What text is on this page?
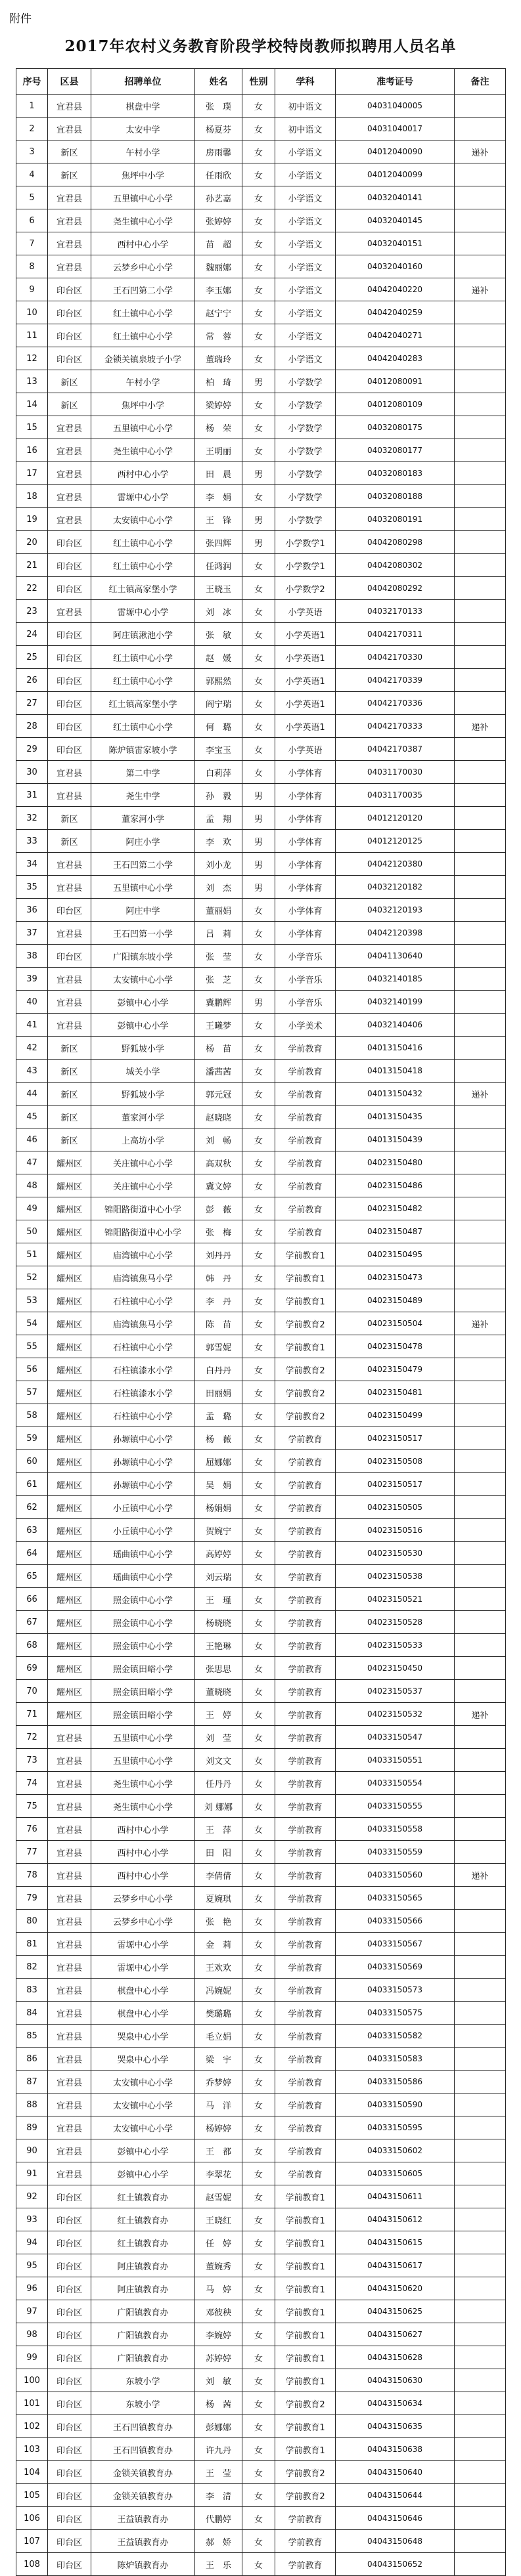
附件
2017年农村义务教育阶段学校特岗教师拟聘用人员名单
序号	区县	招聘单位	姓名	性别	学科	准考证号	备注
1	宜君县	棋盘中学	张　璞	女	初中语文	04031040005	
2	宜君县	太安中学	杨夏芬	女	初中语文	04031040017	
3	新区	午村小学	房雨馨	女	小学语文	04012040090	递补
4	新区	焦坪中小学	任雨欣	女	小学语文	04012040099	
5	宜君县	五里镇中心小学	孙艺嘉	女	小学语文	04032040141	
6	宜君县	尧生镇中心小学	张婷婷	女	小学语文	04032040145	
7	宜君县	西村中心小学	苗　超	女	小学语文	04032040151	
8	宜君县	云梦乡中心小学	魏丽娜	女	小学语文	04032040160	
9	印台区	王石凹第二小学	李玉娜	女	小学语文	04042040220	递补
10	印台区	红土镇中心小学	赵宁宁	女	小学语文	04042040259	
11	印台区	红土镇中心小学	常　蓉	女	小学语文	04042040271	
12	印台区	金锁关镇泉坡子小学	董瑞玲	女	小学语文	04042040283	
13	新区	午村小学	柏　琦	男	小学数学	04012080091	
14	新区	焦坪中小学	梁婷婷	女	小学数学	04012080109	
15	宜君县	五里镇中心小学	杨　荣	女	小学数学	04032080175	
16	宜君县	尧生镇中心小学	王明丽	女	小学数学	04032080177	
17	宜君县	西村中心小学	田　晨	男	小学数学	04032080183	
18	宜君县	雷塬中心小学	李　娟	女	小学数学	04032080188	
19	宜君县	太安镇中心小学	王　锋	男	小学数学	04032080191	
20	印台区	红土镇中心小学	张四辉	男	小学数学1	04042080298	
21	印台区	红土镇中心小学	任鸿润	女	小学数学1	04042080302	
22	印台区	红土镇高家堡小学	王晓玉	女	小学数学2	04042080292	
23	宜君县	雷塬中心小学	刘　冰	女	小学英语	04032170133	
24	印台区	阿庄镇湫池小学	张　敏	女	小学英语1	04042170311	
25	印台区	红土镇中心小学	赵　媛	女	小学英语1	04042170330	
26	印台区	红土镇中心小学	郭熙然	女	小学英语1	04042170339	
27	印台区	红土镇高家堡小学	阎宁瑞	女	小学英语1	04042170336	
28	印台区	红土镇中心小学	何　璐	女	小学英语1	04042170333	递补
29	印台区	陈炉镇雷家坡小学	李宝玉	女	小学英语	04042170387	
30	宜君县	第二中学	白莉萍	女	小学体育	04031170030	
31	宜君县	尧生中学	孙　毅	男	小学体育	04031170035	
32	新区	董家河小学	孟　翔	男	小学体育	04012120120	
33	新区	阿庄小学	李　欢	男	小学体育	04012120125	
34	宜君县	王石凹第二小学	刘小龙	男	小学体育	04042120380	
35	宜君县	五里镇中心小学	刘　杰	男	小学体育	04032120182	
36	印台区	阿庄中学	董丽娟	女	小学体育	04032120193	
37	宜君县	王石凹第一小学	吕　莉	女	小学体育	04042120398	
38	印台区	广阳镇东坡小学	张　莹	女	小学音乐	04041130640	
39	宜君县	太安镇中心小学	张　芝	女	小学音乐	04032140185	
40	宜君县	彭镇中心小学	冀鹏辉	男	小学音乐	04032140199	
41	宜君县	彭镇中心小学	王曦梦	女	小学美术	04032140406	
42	新区	野狐坡小学	杨　苗	女	学前教育	04013150416	
43	新区	城关小学	潘茜茜	女	学前教育	04013150418	
44	新区	野狐坡小学	郭元冠	女	学前教育	04013150432	递补
45	新区	董家河小学	赵晓晓	女	学前教育	04013150435	
46	新区	上高坊小学	刘　畅	女	学前教育	04013150439	
47	耀州区	关庄镇中心小学	高双秋	女	学前教育	04023150480	
48	耀州区	关庄镇中心小学	冀文婷	女	学前教育	04023150486	
49	耀州区	锦阳路街道中心小学	彭　薇	女	学前教育	04023150482	
50	耀州区	锦阳路街道中心小学	张　梅	女	学前教育	04023150487	
51	耀州区	庙湾镇中心小学	刘丹丹	女	学前教育1	04023150495	
52	耀州区	庙湾镇焦马小学	韩　丹	女	学前教育1	04023150473	
53	耀州区	石柱镇中心小学	李　丹	女	学前教育1	04023150489	
54	耀州区	庙湾镇焦马小学	陈　苗	女	学前教育2	04023150504	递补
55	耀州区	石柱镇中心小学	郭雪妮	女	学前教育1	04023150478	
56	耀州区	石柱镇漆水小学	白丹丹	女	学前教育2	04023150479	
57	耀州区	石柱镇漆水小学	田丽娟	女	学前教育2	04023150481	
58	耀州区	石柱镇中心小学	孟　璐	女	学前教育2	04023150499	
59	耀州区	孙塬镇中心小学	杨　薇	女	学前教育	04023150517	
60	耀州区	孙塬镇中心小学	屈娜娜	女	学前教育	04023150508	
61	耀州区	孙塬镇中心小学	吴　娟	女	学前教育	04023150517	
62	耀州区	小丘镇中心小学	杨娟娟	女	学前教育	04023150505	
63	耀州区	小丘镇中心小学	贺婉宁	女	学前教育	04023150516	
64	耀州区	瑶曲镇中心小学	高婷婷	女	学前教育	04023150530	
65	耀州区	瑶曲镇中心小学	刘云瑞	女	学前教育	04023150538	
66	耀州区	照金镇中心小学	王　瑾	女	学前教育	04023150521	
67	耀州区	照金镇中心小学	杨晓晓	女	学前教育	04023150528	
68	耀州区	照金镇中心小学	王艳琳	女	学前教育	04023150533	
69	耀州区	照金镇田峪小学	张思思	女	学前教育	04023150450	
70	耀州区	照金镇田峪小学	董晓晓	女	学前教育	04023150537	
71	耀州区	照金镇田峪小学	王　婷	女	学前教育	04023150532	递补
72	宜君县	五里镇中心小学	刘　莹	女	学前教育	04033150547	
73	宜君县	五里镇中心小学	刘文文	女	学前教育	04033150551	
74	宜君县	尧生镇中心小学	任丹丹	女	学前教育	04033150554	
75	宜君县	尧生镇中心小学	刘 娜娜	女	学前教育	04033150555	
76	宜君县	西村中心小学	王　萍	女	学前教育	04033150558	
77	宜君县	西村中心小学	田　阳	女	学前教育	04033150559	
78	宜君县	西村中心小学	李倩倩	女	学前教育	04033150560	递补
79	宜君县	云梦乡中心小学	夏婉琪	女	学前教育	04033150565	
80	宜君县	云梦乡中心小学	张　艳	女	学前教育	04033150566	
81	宜君县	雷塬中心小学	金　莉	女	学前教育	04033150567	
82	宜君县	雷塬中心小学	王欢欢	女	学前教育	04033150569	
83	宜君县	棋盘中心小学	冯婉妮	女	学前教育	04033150573	
84	宜君县	棋盘中心小学	樊璐璐	女	学前教育	04033150575	
85	宜君县	哭泉中心小学	毛立娟	女	学前教育	04033150582	
86	宜君县	哭泉中心小学	梁　宇	女	学前教育	04033150583	
87	宜君县	太安镇中心小学	乔梦婷	女	学前教育	04033150586	
88	宜君县	太安镇中心小学	马　洋	女	学前教育	04033150590	
89	宜君县	太安镇中心小学	杨婷婷	女	学前教育	04033150595	
90	宜君县	彭镇中心小学	王　都	女	学前教育	04033150602	
91	宜君县	彭镇中心小学	李翠花	女	学前教育	04033150605	
92	印台区	红土镇教育办	赵雪妮	女	学前教育1	04043150611	
93	印台区	红土镇教育办	王晓红	女	学前教育1	04043150612	
94	印台区	红土镇教育办	任　婷	女	学前教育1	04043150615	
95	印台区	阿庄镇教育办	董婉秀	女	学前教育1	04043150617	
96	印台区	阿庄镇教育办	马　婷	女	学前教育1	04043150620	
97	印台区	广阳镇教育办	邓彼秧	女	学前教育1	04043150625	
98	印台区	广阳镇教育办	李婉婷	女	学前教育1	04043150627	
99	印台区	广阳镇教育办	苏婷婷	女	学前教育1	04043150628	
100	印台区	东坡小学	刘　敏	女	学前教育1	04043150630	
101	印台区	东坡小学	杨　茜	女	学前教育2	04043150634	
102	印台区	王石凹镇教育办	彭娜娜	女	学前教育1	04043150635	
103	印台区	王石凹镇教育办	许九丹	女	学前教育1	04043150638	
104	印台区	金锁关镇教育办	王　莹	女	学前教育2	04043150640	
105	印台区	金锁关镇教育办	李　清	女	学前教育2	04043150644	
106	印台区	王益镇教育办	代鹏婷	女	学前教育	04043150646	
107	印台区	王益镇教育办	郝　娇	女	学前教育	04043150648	
108	印台区	陈炉镇教育办	王　乐	女	学前教育	04043150652	
